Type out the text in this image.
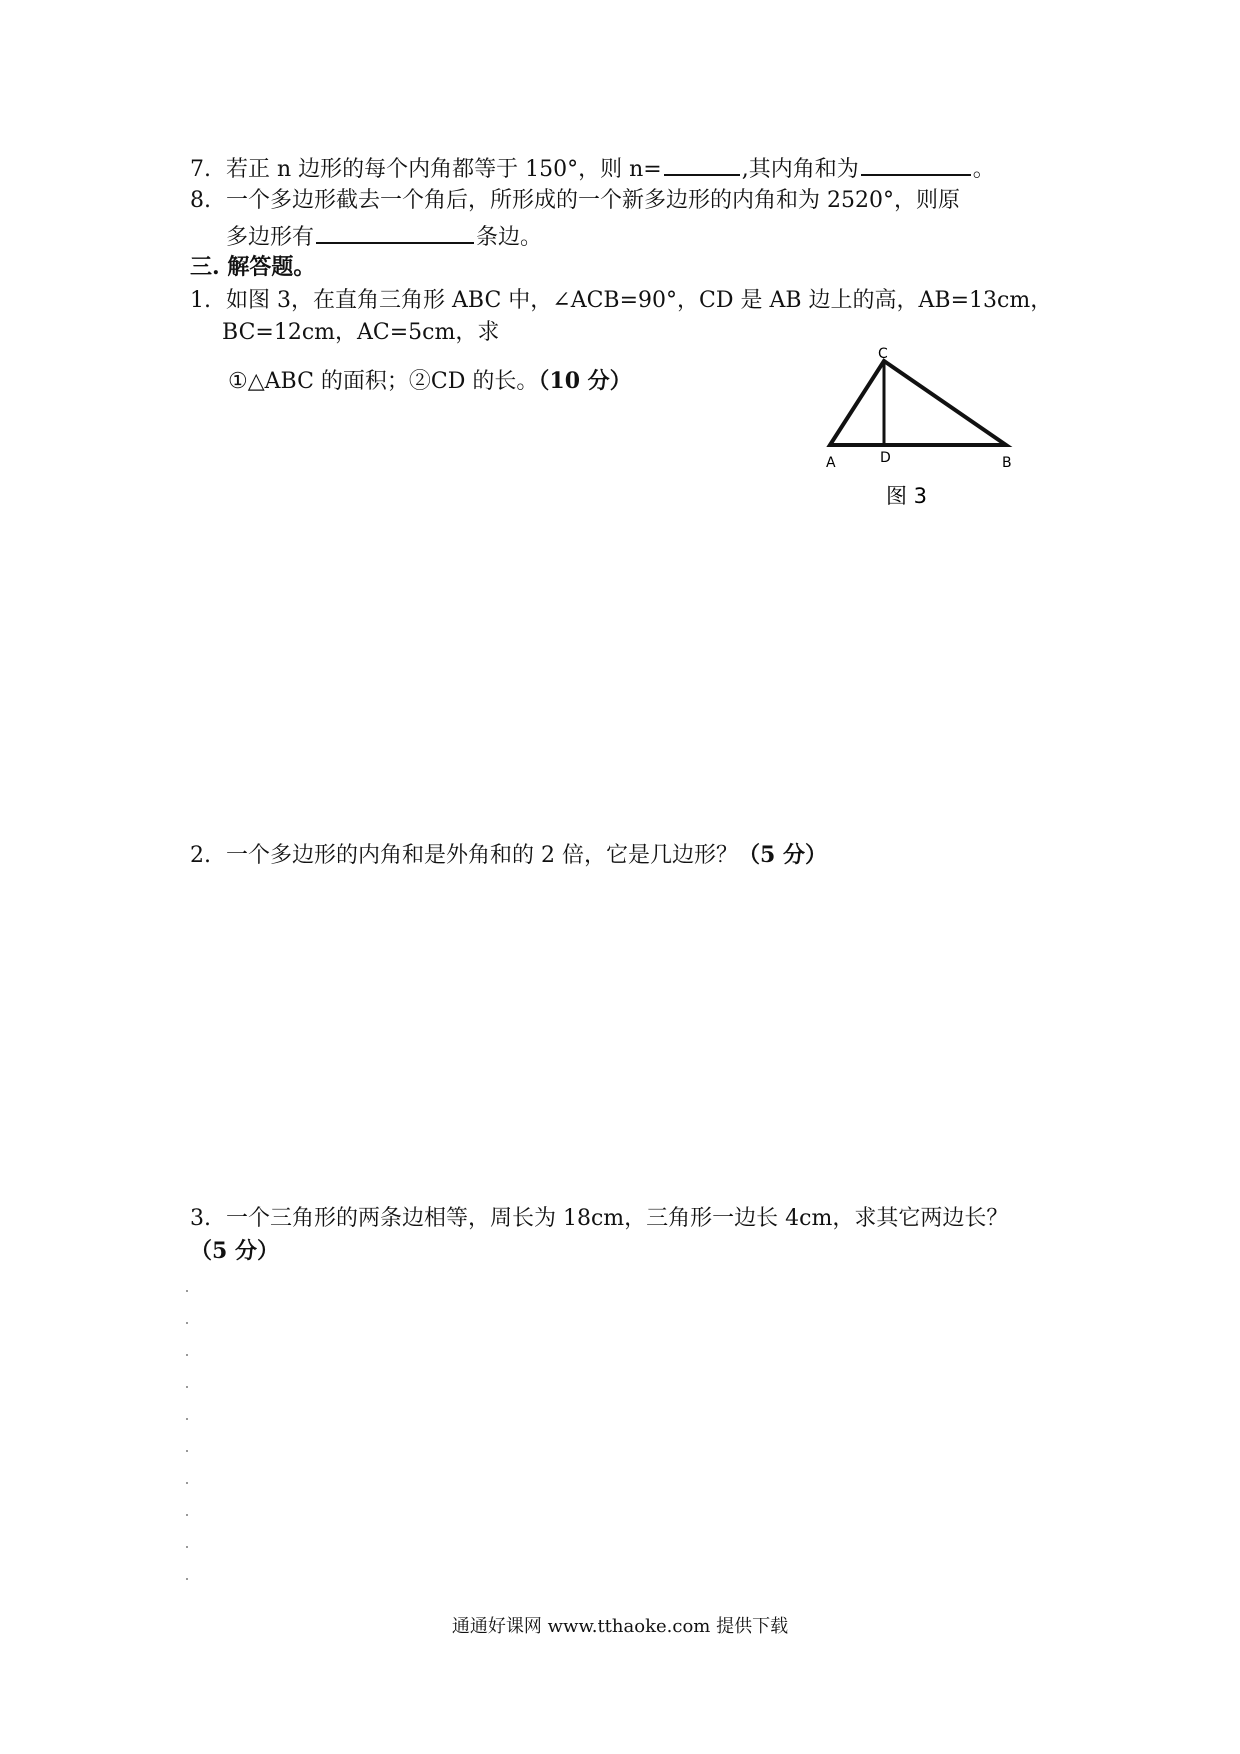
7. 若正 n 边形的每个内角都等于 150°，则 n=	,其内角和为	。
8. 一个多边形截去一个角后，所形成的一个新多边形的内角和为 2520°，则原
多边形有	条边。
三. 解答题。
1. 如图 3，在直角三角形 ABC 中，∠ACB=90°，CD 是 AB 边上的高，AB=13cm，
BC=12cm，AC=5cm，求
①△ABC 的面积；②CD 的长。（10 分）
C
A	D	B
图 3
2. 一个多边形的内角和是外角和的 2 倍，它是几边形？（5 分）
3. 一个三角形的两条边相等，周长为 18cm，三角形一边长 4cm，求其它两边长？
（5 分）
通通好课网 www.tthaoke.com 提供下载
